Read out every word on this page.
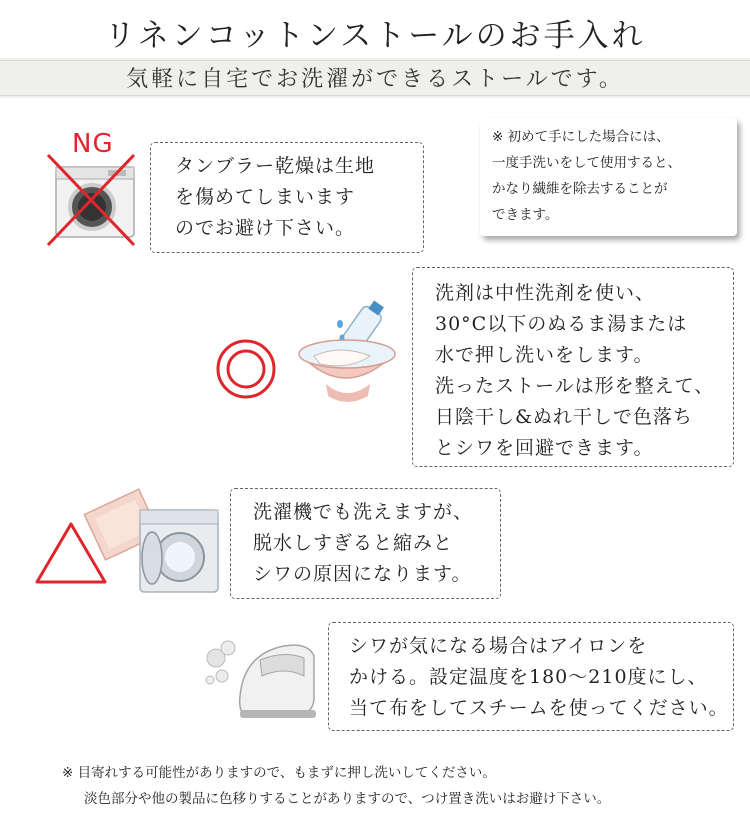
リネンコットンストールのお手入れ
気軽に自宅でお洗濯ができるストールです。
NG
タンブラー乾燥は生地
を傷めてしまいます
のでお避け下さい。
※ 初めて手にした場合には、
一度手洗いをして使用すると、
かなり繊維を除去することが
できます。
洗剤は中性洗剤を使い、
30°C以下のぬるま湯または
水で押し洗いをします。
洗ったストールは形を整えて、
日陰干し&ぬれ干しで色落ち
とシワを回避できます。
洗濯機でも洗えますが、
脱水しすぎると縮みと
シワの原因になります。
シワが気になる場合はアイロンを
かける。設定温度を180〜210度にし、
当て布をしてスチームを使ってください。
※ 目寄れする可能性がありますので、もまずに押し洗いしてください。
淡色部分や他の製品に色移りすることがありますので、つけ置き洗いはお避け下さい。
